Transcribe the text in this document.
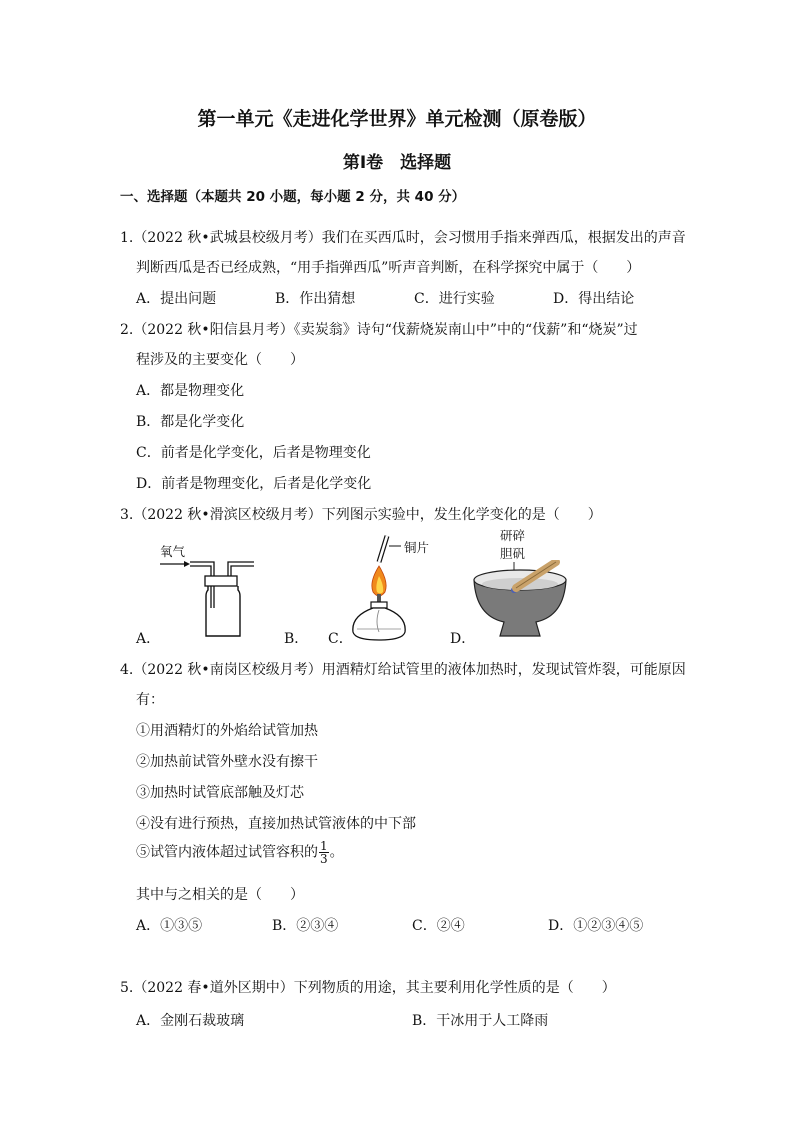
第一单元《走进化学世界》单元检测（原卷版）
第Ⅰ卷　选择题
一、选择题（本题共 20 小题，每小题 2 分，共 40 分）
1.（2022 秋•武城县校级月考）我们在买西瓜时，会习惯用手指来弹西瓜，根据发出的声音
判断西瓜是否已经成熟，“用手指弹西瓜”听声音判断，在科学探究中属于（　　）
A．提出问题	B．作出猜想	C．进行实验	D．得出结论
2.（2022 秋•阳信县月考）《卖炭翁》诗句“伐薪烧炭南山中”中的“伐薪”和“烧炭”过
程涉及的主要变化（　　）
A．都是物理变化
B．都是化学变化
C．前者是化学变化，后者是物理变化
D．前者是物理变化，后者是化学变化
3.（2022 秋•滑滨区校级月考）下列图示实验中，发生化学变化的是（　　）
氧气
A．	B． C．
铜片
D．
研碎
胆矾
4.（2022 秋•南岗区校级月考）用酒精灯给试管里的液体加热时，发现试管炸裂，可能原因
有：
①用酒精灯的外焰给试管加热
②加热前试管外壁水没有擦干
③加热时试管底部触及灯芯
④没有进行预热，直接加热试管液体的中下部
⑤试管内液体超过试管容积的 $\frac{1}{3}$ 。
其中与之相关的是（　　）
A．①③⑤	B．②③④	C．②④	D．①②③④⑤
5.（2022 春•道外区期中）下列物质的用途，其主要利用化学性质的是（　　）
A．金刚石裁玻璃	B．干冰用于人工降雨
